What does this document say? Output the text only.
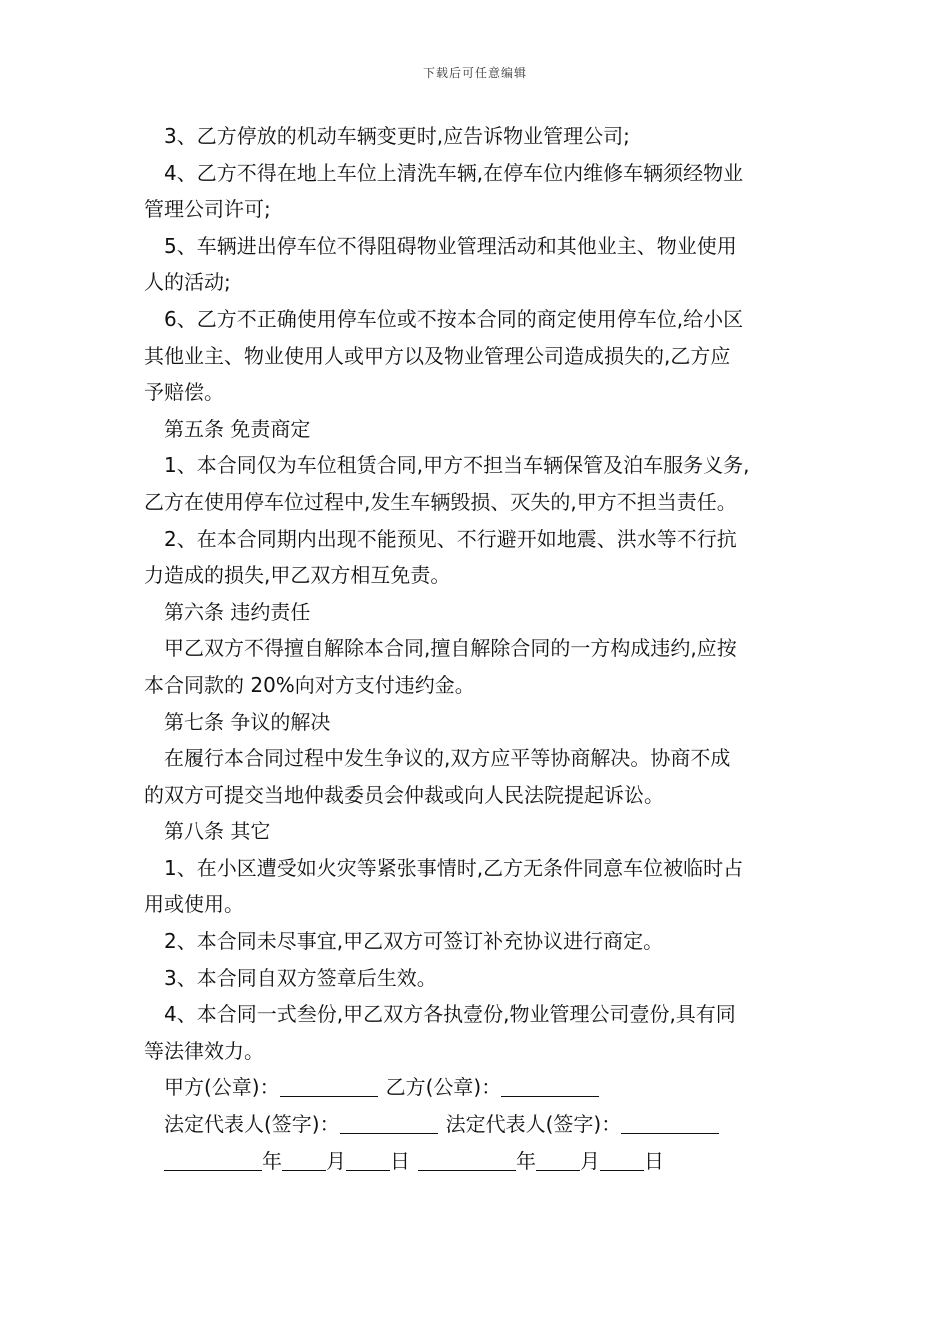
下载后可任意编辑
3、乙方停放的机动车辆变更时,应告诉物业管理公司;
4、乙方不得在地上车位上清洗车辆,在停车位内维修车辆须经物业
管理公司许可;
5、车辆进出停车位不得阻碍物业管理活动和其他业主、物业使用
人的活动;
6、乙方不正确使用停车位或不按本合同的商定使用停车位,给小区
其他业主、物业使用人或甲方以及物业管理公司造成损失的,乙方应
予赔偿。
第五条 免责商定
1、本合同仅为车位租赁合同,甲方不担当车辆保管及泊车服务义务,
乙方在使用停车位过程中,发生车辆毁损、灭失的,甲方不担当责任。
2、在本合同期内出现不能预见、不行避开如地震、洪水等不行抗
力造成的损失,甲乙双方相互免责。
第六条 违约责任
甲乙双方不得擅自解除本合同,擅自解除合同的一方构成违约,应按
本合同款的 20%向对方支付违约金。
第七条 争议的解决
在履行本合同过程中发生争议的,双方应平等协商解决。协商不成
的双方可提交当地仲裁委员会仲裁或向人民法院提起诉讼。
第八条 其它
1、在小区遭受如火灾等紧张事情时,乙方无条件同意车位被临时占
用或使用。
2、本合同未尽事宜,甲乙双方可签订补充协议进行商定。
3、本合同自双方签章后生效。
4、本合同一式叁份,甲乙双方各执壹份,物业管理公司壹份,具有同
等法律效力。
甲方(公章)：	乙方(公章)：
法定代表人(签字)：	法定代表人(签字)：
年 月 日	年 月 日
